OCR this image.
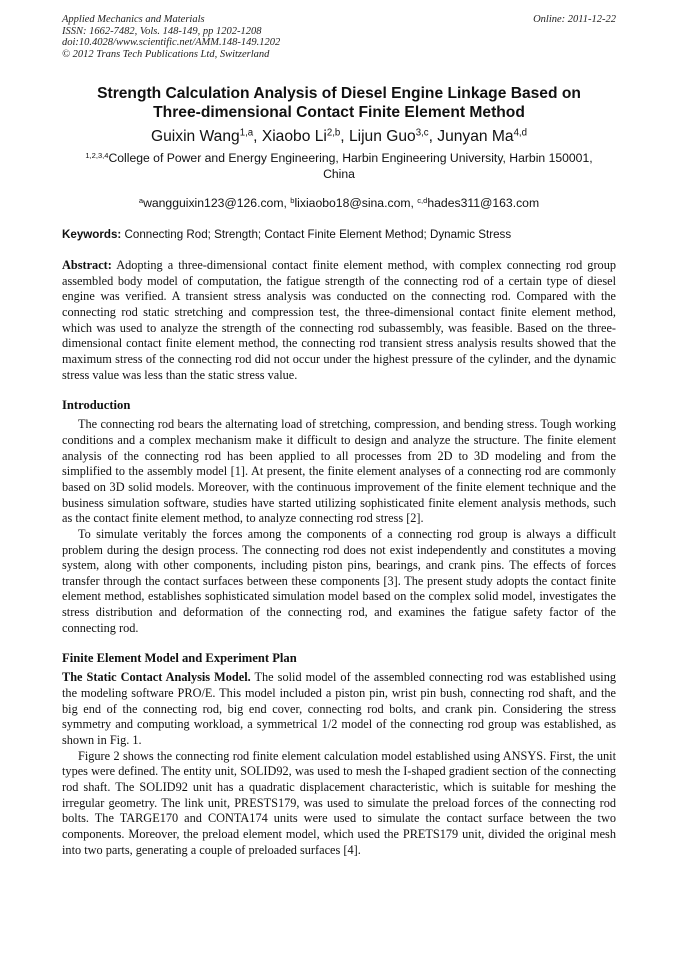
Applied Mechanics and Materials
ISSN: 1662-7482, Vols. 148-149, pp 1202-1208
doi:10.4028/www.scientific.net/AMM.148-149.1202
© 2012 Trans Tech Publications Ltd, Switzerland
Online: 2011-12-22
Strength Calculation Analysis of Diesel Engine Linkage Based on
Three-dimensional Contact Finite Element Method
Guixin Wang$^{1,a}$, Xiaobo Li$^{2,b}$, Lijun Guo$^{3,c}$, Junyan Ma$^{4,d}$
$^{1,2,3,4}$College of Power and Energy Engineering, Harbin Engineering University, Harbin 150001, China
$^a$wangguixin123@126.com, $^b$lixiaobo18@sina.com, $^{c,d}$hades311@163.com
Keywords: Connecting Rod; Strength; Contact Finite Element Method; Dynamic Stress
Abstract: Adopting a three-dimensional contact finite element method, with complex connecting rod group assembled body model of computation, the fatigue strength of the connecting rod of a certain type of diesel engine was verified. A transient stress analysis was conducted on the connecting rod. Compared with the connecting rod static stretching and compression test, the three-dimensional contact finite element method, which was used to analyze the strength of the connecting rod subassembly, was feasible. Based on the three-dimensional contact finite element method, the connecting rod transient stress analysis results showed that the maximum stress of the connecting rod did not occur under the highest pressure of the cylinder, and the dynamic stress value was less than the static stress value.
Introduction

The connecting rod bears the alternating load of stretching, compression, and bending stress. Tough working conditions and a complex mechanism make it difficult to design and analyze the structure. The finite element analysis of the connecting rod has been applied to all processes from 2D to 3D modeling and from the simplified to the assembly model [1]. At present, the finite element analyses of a connecting rod are commonly based on 3D solid models. Moreover, with the continuous improvement of the finite element technique and the business simulation software, studies have started utilizing sophisticated finite element analysis methods, such as the contact finite element method, to analyze connecting rod stress [2].

To simulate veritably the forces among the components of a connecting rod group is always a difficult problem during the design process. The connecting rod does not exist independently and constitutes a moving system, along with other components, including piston pins, bearings, and crank pins. The effects of forces transfer through the contact surfaces between these components [3]. The present study adopts the contact finite element method, establishes sophisticated simulation model based on the complex solid model, investigates the stress distribution and deformation of the connecting rod, and examines the fatigue safety factor of the connecting rod.

Finite Element Model and Experiment Plan

The Static Contact Analysis Model. The solid model of the assembled connecting rod was established using the modeling software PRO/E. This model included a piston pin, wrist pin bush, connecting rod shaft, and the big end of the connecting rod, big end cover, connecting rod bolts, and crank pin. Considering the stress symmetry and computing workload, a symmetrical 1/2 model of the connecting rod group was established, as shown in Fig. 1.

Figure 2 shows the connecting rod finite element calculation model established using ANSYS. First, the unit types were defined. The entity unit, SOLID92, was used to mesh the I-shaped gradient section of the connecting rod shaft. The SOLID92 unit has a quadratic displacement characteristic, which is suitable for meshing the irregular geometry. The link unit, PRESTS179, was used to simulate the preload forces of the connecting rod bolts. The TARGE170 and CONTA174 units were used to simulate the contact surface between the two components. Moreover, the preload element model, which used the PRETS179 unit, divided the original mesh into two parts, generating a couple of preloaded surfaces [4].
